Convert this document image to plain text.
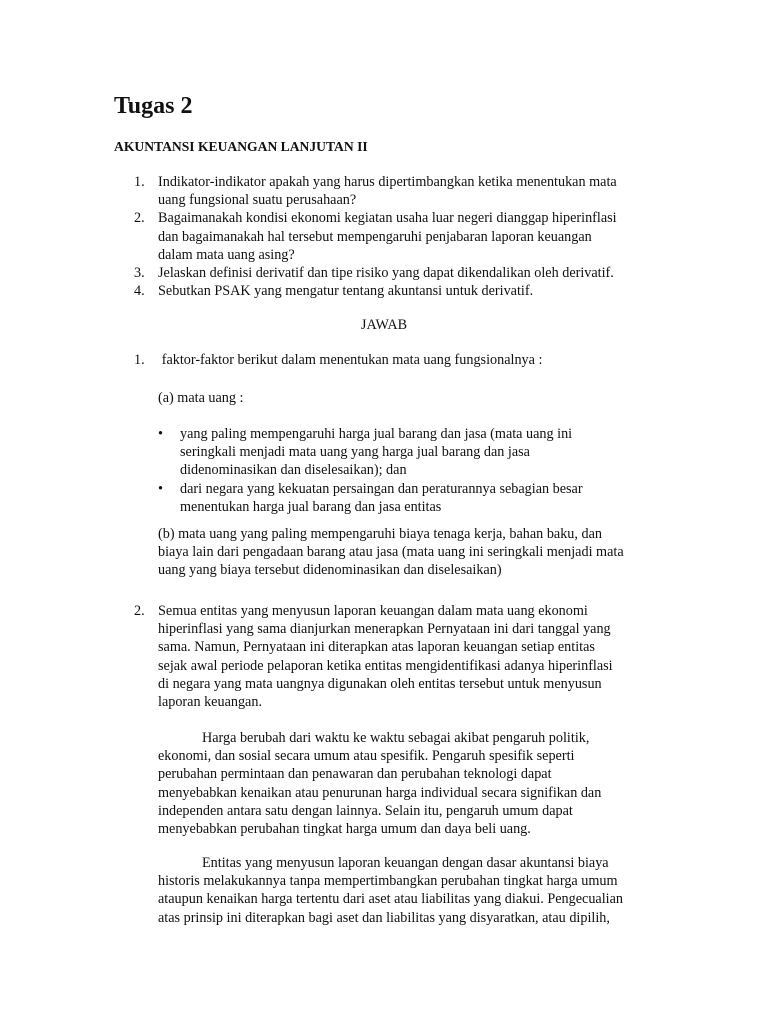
Tugas 2
AKUNTANSI KEUANGAN LANJUTAN II
1. Indikator-indikator apakah yang harus dipertimbangkan ketika menentukan mata
uang fungsional suatu perusahaan?
2. Bagaimanakah kondisi ekonomi kegiatan usaha luar negeri dianggap hiperinflasi
dan bagaimanakah hal tersebut mempengaruhi penjabaran laporan keuangan
dalam mata uang asing?
3. Jelaskan definisi derivatif dan tipe risiko yang dapat dikendalikan oleh derivatif.
4. Sebutkan PSAK yang mengatur tentang akuntansi untuk derivatif.
JAWAB
1. faktor-faktor berikut dalam menentukan mata uang fungsionalnya :
(a) mata uang :
• yang paling mempengaruhi harga jual barang dan jasa (mata uang ini
seringkali menjadi mata uang yang harga jual barang dan jasa
didenominasikan dan diselesaikan); dan
• dari negara yang kekuatan persaingan dan peraturannya sebagian besar
menentukan harga jual barang dan jasa entitas
(b) mata uang yang paling mempengaruhi biaya tenaga kerja, bahan baku, dan
biaya lain dari pengadaan barang atau jasa (mata uang ini seringkali menjadi mata
uang yang biaya tersebut didenominasikan dan diselesaikan)
2. Semua entitas yang menyusun laporan keuangan dalam mata uang ekonomi
hiperinflasi yang sama dianjurkan menerapkan Pernyataan ini dari tanggal yang
sama. Namun, Pernyataan ini diterapkan atas laporan keuangan setiap entitas
sejak awal periode pelaporan ketika entitas mengidentifikasi adanya hiperinflasi
di negara yang mata uangnya digunakan oleh entitas tersebut untuk menyusun
laporan keuangan.
Harga berubah dari waktu ke waktu sebagai akibat pengaruh politik,
ekonomi, dan sosial secara umum atau spesifik. Pengaruh spesifik seperti
perubahan permintaan dan penawaran dan perubahan teknologi dapat
menyebabkan kenaikan atau penurunan harga individual secara signifikan dan
independen antara satu dengan lainnya. Selain itu, pengaruh umum dapat
menyebabkan perubahan tingkat harga umum dan daya beli uang.
Entitas yang menyusun laporan keuangan dengan dasar akuntansi biaya
historis melakukannya tanpa mempertimbangkan perubahan tingkat harga umum
ataupun kenaikan harga tertentu dari aset atau liabilitas yang diakui. Pengecualian
atas prinsip ini diterapkan bagi aset dan liabilitas yang disyaratkan, atau dipilih,
